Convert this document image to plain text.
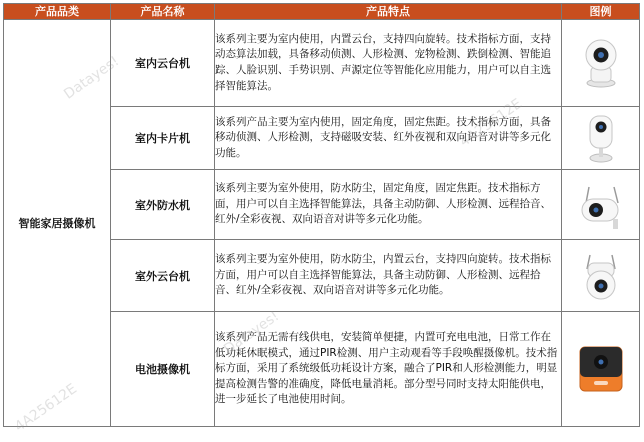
产品品类	产品名称	产品特点	图例
智能家居摄像机	室内云台机	该系列主要为室内使用，内置云台，支持四向旋转。技术指标方面，支持动态算法加载，具备移动侦测、人形检测、宠物检测、跌倒检测、智能追踪、人脸识别、手势识别、声源定位等智能化应用能力，用户可以自主选择智能算法。	

	室内卡片机	该系列产品主要为室内使用，固定角度，固定焦距。技术指标方面，具备移动侦测、人形检测，支持磁吸安装、红外夜视和双向语音对讲等多元化功能。	

	室外防水机	该系列主要为室外使用，防水防尘，固定角度，固定焦距。技术指标方面，用户可以自主选择智能算法，具备主动防御、人形检测、远程拾音、红外/全彩夜视、双向语音对讲等多元化功能。	

	室外云台机	该系列主要为室外使用，防水防尘，内置云台，支持四向旋转。技术指标方面，用户可以自主选择智能算法，具备主动防御、人形检测、远程拾音、红外/全彩夜视、双向语音对讲等多元化功能。	

	电池摄像机	该系列产品无需有线供电，安装简单便捷，内置可充电电池，日常工作在低功耗休眠模式，通过PIR检测、用户主动观看等手段唤醒摄像机。技术指标方面，采用了系统级低功耗设计方案，融合了PIR和人形检测能力，明显提高检测告警的准确度，降低电量消耗。部分型号同时支持太阳能供电，进一步延长了电池使用时间。	
Datayes!
Datayes!
4A25612E
4A25612E
